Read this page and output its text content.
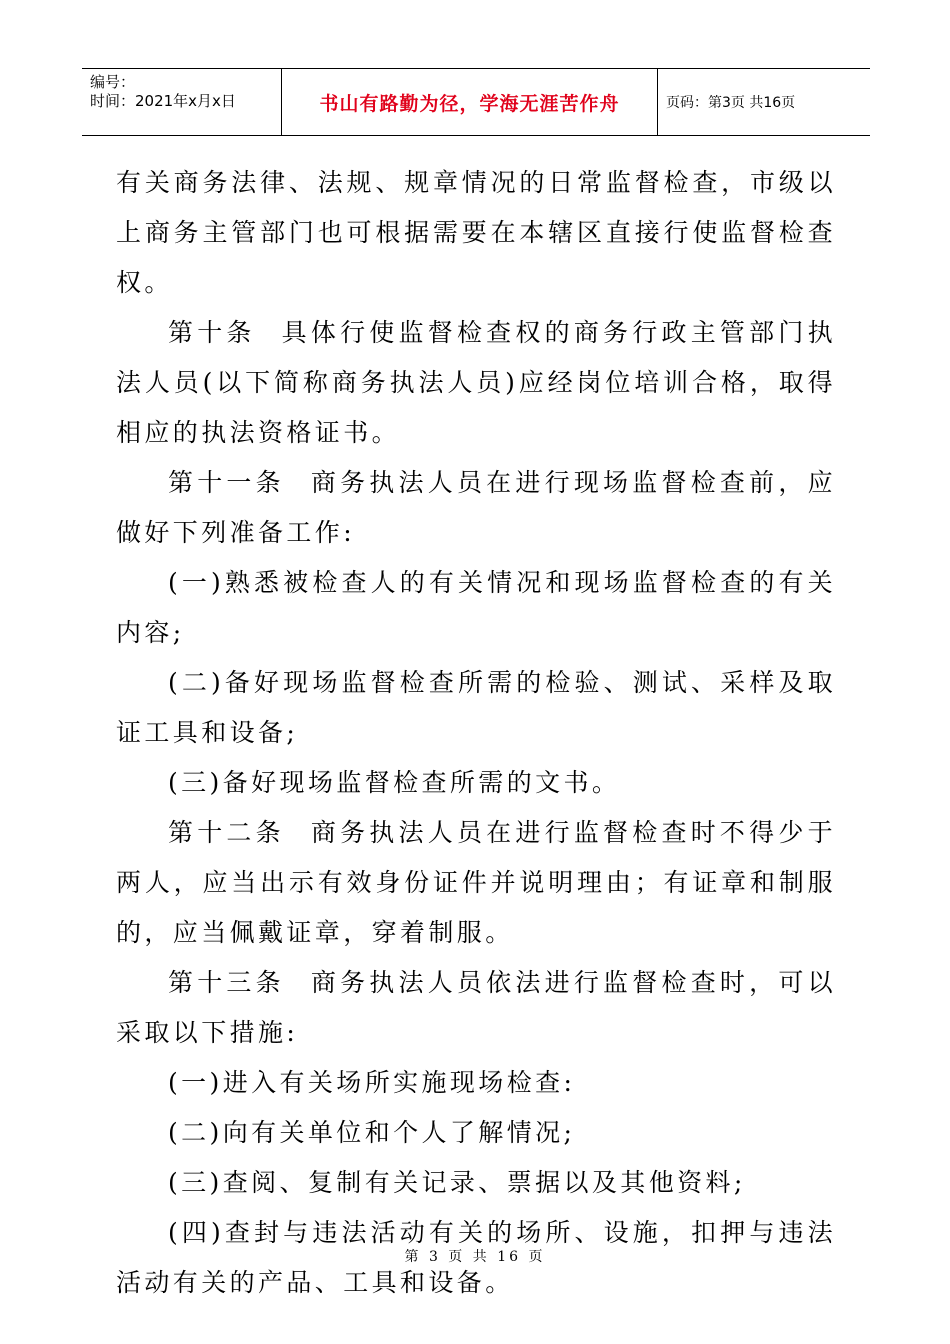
编号：
时间：2021年x月x日	书山有路勤为径，学海无涯苦作舟	页码：第3页 共16页

有关商务法律、法规、规章情况的日常监督检查，市级以上商务主管部门也可根据需要在本辖区直接行使监督检查权。

第十条 具体行使监督检查权的商务行政主管部门执法人员(以下简称商务执法人员)应经岗位培训合格，取得相应的执法资格证书。

第十一条 商务执法人员在进行现场监督检查前，应做好下列准备工作:

(一)熟悉被检查人的有关情况和现场监督检查的有关内容;

(二)备好现场监督检查所需的检验、测试、采样及取证工具和设备;

(三)备好现场监督检查所需的文书。

第十二条 商务执法人员在进行监督检查时不得少于两人，应当出示有效身份证件并说明理由；有证章和制服的，应当佩戴证章，穿着制服。

第十三条 商务执法人员依法进行监督检查时，可以采取以下措施:

(一)进入有关场所实施现场检查:

(二)向有关单位和个人了解情况;

(三)查阅、复制有关记录、票据以及其他资料;

(四)查封与违法活动有关的场所、设施，扣押与违法活动有关的产品、工具和设备。

第 3 页 共 16 页
